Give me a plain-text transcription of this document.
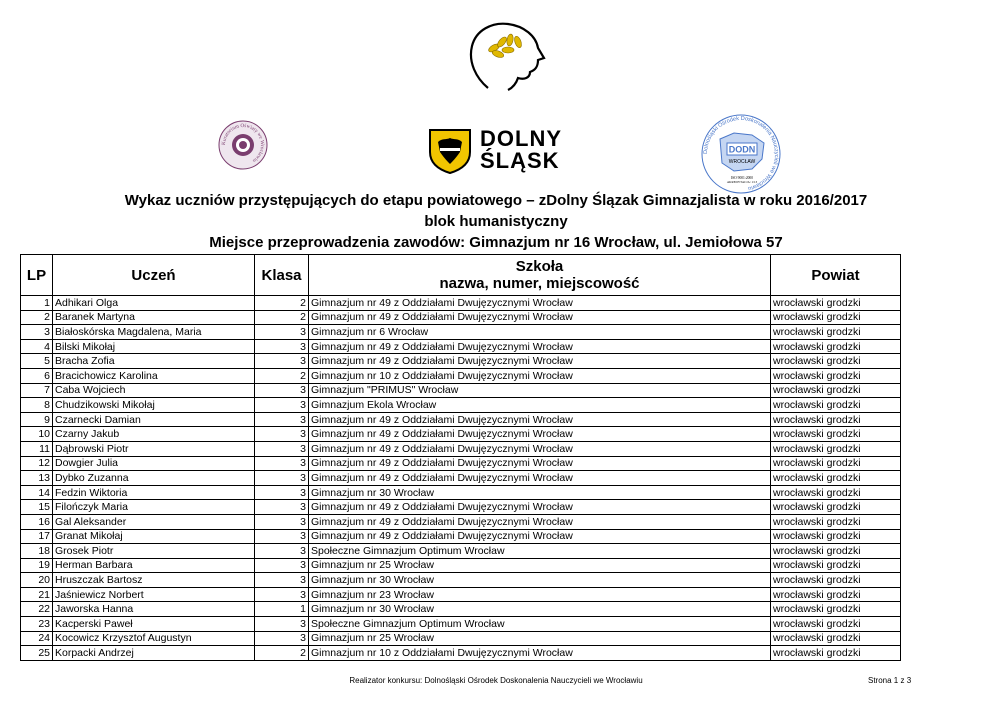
Kuratorium Oświaty we Wrocławiu
DOLNY
ŚLĄSK	Dolnośląski Ośrodek Doskonalenia Nauczycieli we Wrocławiu
DODN
WROCŁAW
ISO 9001:2000
AKREDYTACJA: 1/13
Wykaz uczniów przystępujących do etapu powiatowego – zDolny Ślązak Gimnazjalista w roku 2016/2017
blok humanistyczny
Miejsce przeprowadzenia zawodów: Gimnazjum nr 16 Wrocław, ul. Jemiołowa 57
LP	Uczeń	Klasa	Szkoła
nazwa, numer, miejscowość	Powiat
1	Adhikari Olga	2	Gimnazjum nr 49 z Oddziałami Dwujęzycznymi Wrocław	wrocławski grodzki
2	Baranek Martyna	2	Gimnazjum nr 49 z Oddziałami Dwujęzycznymi Wrocław	wrocławski grodzki
3	Białoskórska Magdalena, Maria	3	Gimnazjum nr 6 Wrocław	wrocławski grodzki
4	Bilski Mikołaj	3	Gimnazjum nr 49 z Oddziałami Dwujęzycznymi Wrocław	wrocławski grodzki
5	Bracha Zofia	3	Gimnazjum nr 49 z Oddziałami Dwujęzycznymi Wrocław	wrocławski grodzki
6	Bracichowicz Karolina	2	Gimnazjum nr 10 z Oddziałami Dwujęzycznymi Wrocław	wrocławski grodzki
7	Caba Wojciech	3	Gimnazjum "PRIMUS" Wrocław	wrocławski grodzki
8	Chudzikowski Mikołaj	3	Gimnazjum Ekola Wrocław	wrocławski grodzki
9	Czarnecki Damian	3	Gimnazjum nr 49 z Oddziałami Dwujęzycznymi Wrocław	wrocławski grodzki
10	Czarny Jakub	3	Gimnazjum nr 49 z Oddziałami Dwujęzycznymi Wrocław	wrocławski grodzki
11	Dąbrowski Piotr	3	Gimnazjum nr 49 z Oddziałami Dwujęzycznymi Wrocław	wrocławski grodzki
12	Dowgier Julia	3	Gimnazjum nr 49 z Oddziałami Dwujęzycznymi Wrocław	wrocławski grodzki
13	Dybko Zuzanna	3	Gimnazjum nr 49 z Oddziałami Dwujęzycznymi Wrocław	wrocławski grodzki
14	Fedzin Wiktoria	3	Gimnazjum nr 30 Wrocław	wrocławski grodzki
15	Filończyk Maria	3	Gimnazjum nr 49 z Oddziałami Dwujęzycznymi Wrocław	wrocławski grodzki
16	Gal Aleksander	3	Gimnazjum nr 49 z Oddziałami Dwujęzycznymi Wrocław	wrocławski grodzki
17	Granat Mikołaj	3	Gimnazjum nr 49 z Oddziałami Dwujęzycznymi Wrocław	wrocławski grodzki
18	Grosek Piotr	3	Społeczne Gimnazjum Optimum Wrocław	wrocławski grodzki
19	Herman Barbara	3	Gimnazjum nr 25 Wrocław	wrocławski grodzki
20	Hruszczak Bartosz	3	Gimnazjum nr 30 Wrocław	wrocławski grodzki
21	Jaśniewicz Norbert	3	Gimnazjum nr 23 Wrocław	wrocławski grodzki
22	Jaworska Hanna	1	Gimnazjum nr 30 Wrocław	wrocławski grodzki
23	Kacperski Paweł	3	Społeczne Gimnazjum Optimum Wrocław	wrocławski grodzki
24	Kocowicz Krzysztof Augustyn	3	Gimnazjum nr 25 Wrocław	wrocławski grodzki
25	Korpacki Andrzej	2	Gimnazjum nr 10 z Oddziałami Dwujęzycznymi Wrocław	wrocławski grodzki
Realizator konkursu: Dolnośląski Ośrodek Doskonalenia Nauczycieli we Wrocławiu	Strona 1 z 3
